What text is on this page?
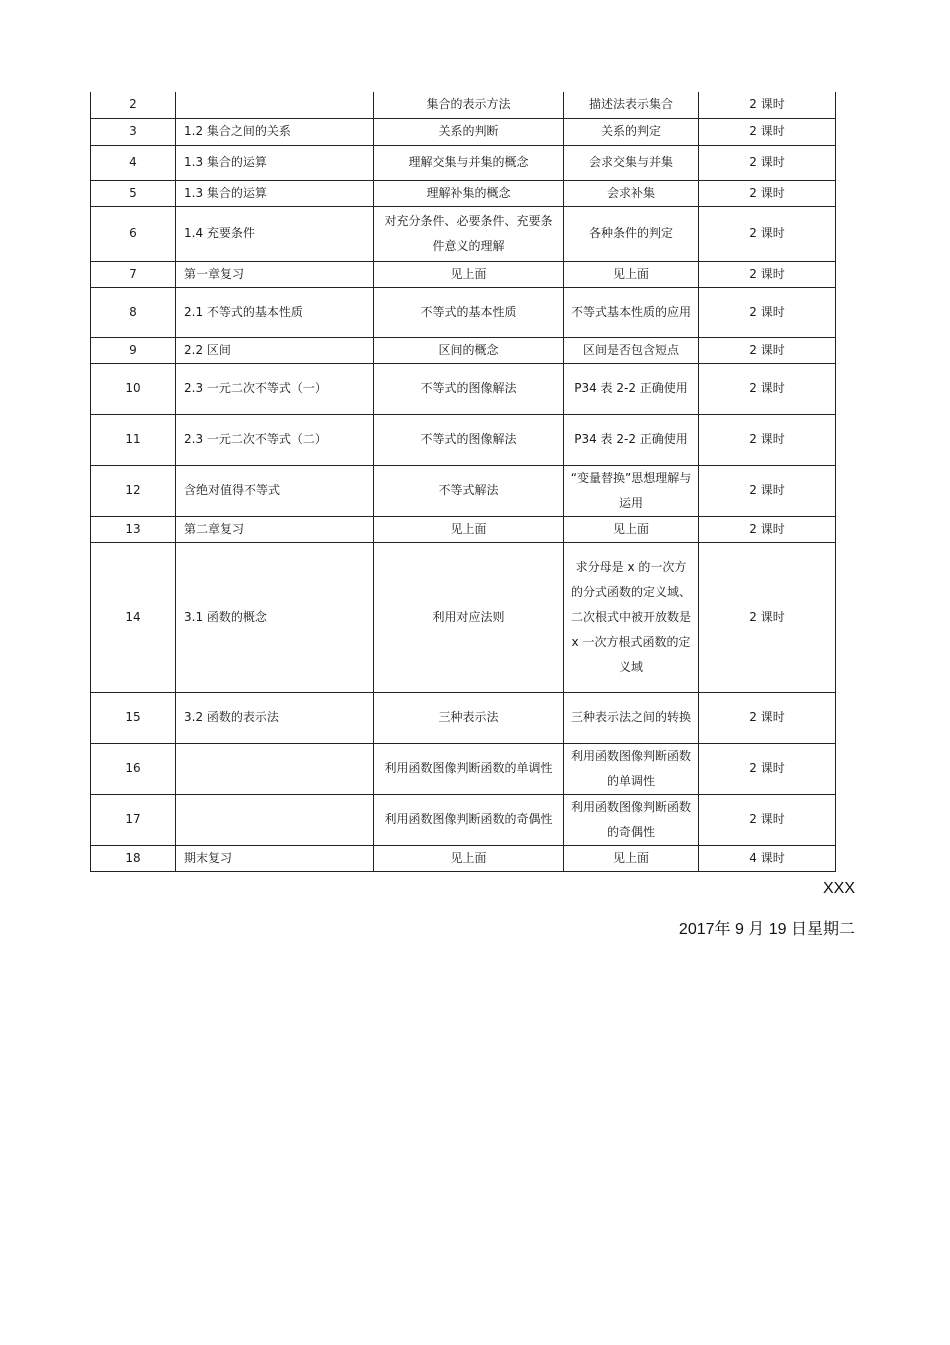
2		集合的表示方法	描述法表示集合	2 课时
3	1.2 集合之间的关系	关系的判断	关系的判定	2 课时
4	1.3 集合的运算	理解交集与并集的概念	会求交集与并集	2 课时
5	1.3 集合的运算	理解补集的概念	会求补集	2 课时
6	1.4 充要条件	对充分条件、必要条件、充要条件意义的理解	各种条件的判定	2 课时
7	第一章复习	见上面	见上面	2 课时
8	2.1 不等式的基本性质	不等式的基本性质	不等式基本性质的应用	2 课时
9	2.2 区间	区间的概念	区间是否包含短点	2 课时
10	2.3 一元二次不等式（一）	不等式的图像解法	P34 表 2-2 正确使用	2 课时
11	2.3 一元二次不等式（二）	不等式的图像解法	P34 表 2-2 正确使用	2 课时
12	含绝对值得不等式	不等式解法	“变量替换”思想理解与运用	2 课时
13	第二章复习	见上面	见上面	2 课时
14	3.1 函数的概念	利用对应法则	求分母是 x 的一次方的分式函数的定义域、二次根式中被开放数是 x 一次方根式函数的定义域	2 课时
15	3.2 函数的表示法	三种表示法	三种表示法之间的转换	2 课时
16		利用函数图像判断函数的单调性	利用函数图像判断函数的单调性	2 课时
17		利用函数图像判断函数的奇偶性	利用函数图像判断函数的奇偶性	2 课时
18	期末复习	见上面	见上面	4 课时
XXX
2017年 9 月 19 日星期二
